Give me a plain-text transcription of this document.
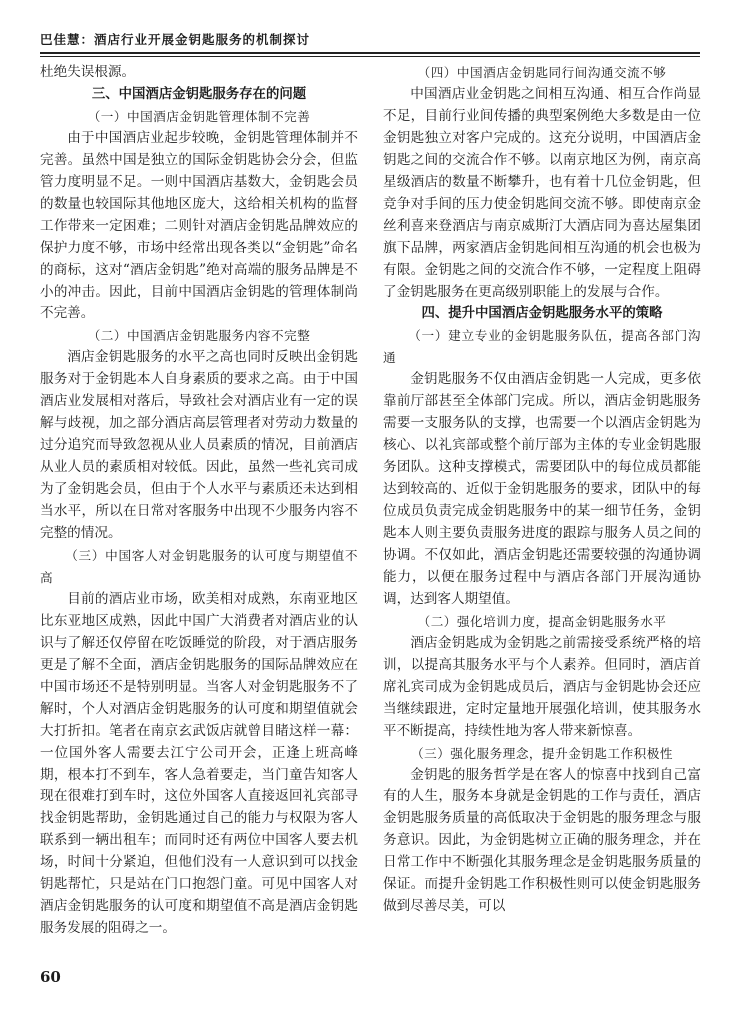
巴佳慧：酒店行业开展金钥匙服务的机制探讨

杜绝失误根源。

三、中国酒店金钥匙服务存在的问题

（一）中国酒店金钥匙管理体制不完善

由于中国酒店业起步较晚，金钥匙管理体制并不完善。虽然中国是独立的国际金钥匙协会分会，但监管力度明显不足。一则中国酒店基数大，金钥匙会员的数量也较国际其他地区庞大，这给相关机构的监督工作带来一定困难；二则针对酒店金钥匙品牌效应的保护力度不够，市场中经常出现各类以“金钥匙”命名的商标，这对“酒店金钥匙”绝对高端的服务品牌是不小的冲击。因此，目前中国酒店金钥匙的管理体制尚不完善。

（二）中国酒店金钥匙服务内容不完整

酒店金钥匙服务的水平之高也同时反映出金钥匙服务对于金钥匙本人自身素质的要求之高。由于中国酒店业发展相对落后，导致社会对酒店业有一定的误解与歧视，加之部分酒店高层管理者对劳动力数量的过分追究而导致忽视从业人员素质的情况，目前酒店从业人员的素质相对较低。因此，虽然一些礼宾司成为了金钥匙会员，但由于个人水平与素质还未达到相当水平，所以在日常对客服务中出现不少服务内容不完整的情况。

（三）中国客人对金钥匙服务的认可度与期望值不高

目前的酒店业市场，欧美相对成熟，东南亚地区比东亚地区成熟，因此中国广大消费者对酒店业的认识与了解还仅停留在吃饭睡觉的阶段，对于酒店服务更是了解不全面，酒店金钥匙服务的国际品牌效应在中国市场还不是特别明显。当客人对金钥匙服务不了解时，个人对酒店金钥匙服务的认可度和期望值就会大打折扣。笔者在南京玄武饭店就曾目睹这样一幕：一位国外客人需要去江宁公司开会，正逢上班高峰期，根本打不到车，客人急着要走，当门童告知客人现在很难打到车时，这位外国客人直接返回礼宾部寻找金钥匙帮助，金钥匙通过自己的能力与权限为客人联系到一辆出租车；而同时还有两位中国客人要去机场，时间十分紧迫，但他们没有一人意识到可以找金钥匙帮忙，只是站在门口抱怨门童。可见中国客人对酒店金钥匙服务的认可度和期望值不高是酒店金钥匙服务发展的阻碍之一。

（四）中国酒店金钥匙同行间沟通交流不够

中国酒店业金钥匙之间相互沟通、相互合作尚显不足，目前行业间传播的典型案例绝大多数是由一位金钥匙独立对客户完成的。这充分说明，中国酒店金钥匙之间的交流合作不够。以南京地区为例，南京高星级酒店的数量不断攀升，也有着十几位金钥匙，但竞争对手间的压力使金钥匙间交流不够。即使南京金丝利喜来登酒店与南京威斯汀大酒店同为喜达屋集团旗下品牌，两家酒店金钥匙间相互沟通的机会也极为有限。金钥匙之间的交流合作不够，一定程度上阻碍了金钥匙服务在更高级别职能上的发展与合作。

四、提升中国酒店金钥匙服务水平的策略

（一）建立专业的金钥匙服务队伍，提高各部门沟通

金钥匙服务不仅由酒店金钥匙一人完成，更多依靠前厅部甚至全体部门完成。所以，酒店金钥匙服务需要一支服务队的支撑，也需要一个以酒店金钥匙为核心、以礼宾部或整个前厅部为主体的专业金钥匙服务团队。这种支撑模式，需要团队中的每位成员都能达到较高的、近似于金钥匙服务的要求，团队中的每位成员负责完成金钥匙服务中的某一细节任务，金钥匙本人则主要负责服务进度的跟踪与服务人员之间的协调。不仅如此，酒店金钥匙还需要较强的沟通协调能力，以便在服务过程中与酒店各部门开展沟通协调，达到客人期望值。

（二）强化培训力度，提高金钥匙服务水平

酒店金钥匙成为金钥匙之前需接受系统严格的培训，以提高其服务水平与个人素养。但同时，酒店首席礼宾司成为金钥匙成员后，酒店与金钥匙协会还应当继续跟进，定时定量地开展强化培训，使其服务水平不断提高，持续性地为客人带来新惊喜。

（三）强化服务理念，提升金钥匙工作积极性

金钥匙的服务哲学是在客人的惊喜中找到自己富有的人生，服务本身就是金钥匙的工作与责任，酒店金钥匙服务质量的高低取决于金钥匙的服务理念与服务意识。因此，为金钥匙树立正确的服务理念，并在日常工作中不断强化其服务理念是金钥匙服务质量的保证。而提升金钥匙工作积极性则可以使金钥匙服务做到尽善尽美，可以

60
